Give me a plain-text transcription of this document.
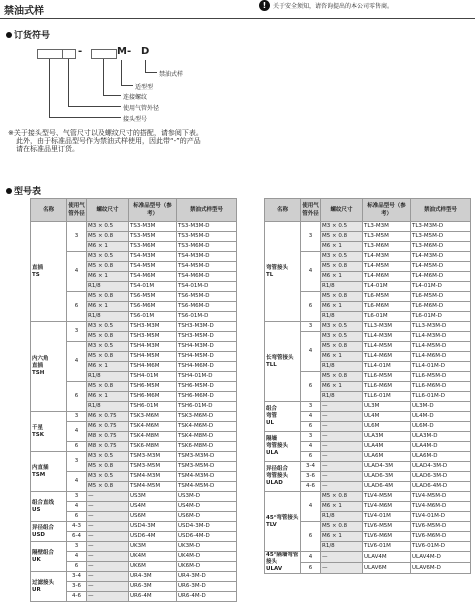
禁油式样
!	关于安全须知，请咨询提出的本公司零售商。
订货符号
-	M - D
禁油式样
适型型
连接螺纹
使用气管外径
接头型号
※关于接头型号、气管尺寸以及螺纹尺寸的搭配，请参阅下表。
此外，由于标准品型号作为禁油式样使用，因此带“-”的产品
请在标准品里订货。
型号表
名称	使用气管外径	螺纹尺寸	标准品型号（参考）	禁油式样型号
直插
TS	3	M3 × 0.5	TS3-M3M	TS3-M3M-D
		M5 × 0.8	TS3-M5M	TS3-M5M-D
		M6 × 1	TS3-M6M	TS3-M6M-D
	4	M3 × 0.5	TS4-M3M	TS4-M3M-D
		M5 × 0.8	TS4-M5M	TS4-M5M-D
		M6 × 1	TS4-M6M	TS4-M6M-D
		R1/8	TS4-01M	TS4-01M-D
	6	M5 × 0.8	TS6-M5M	TS6-M5M-D
		M6 × 1	TS6-M6M	TS6-M6M-D
		R1/8	TS6-01M	TS6-01M-D
内六角
直插
TSH	3	M3 × 0.5	TSH3-M3M	TSH3-M3M-D
		M5 × 0.8	TSH3-M5M	TSH3-M5M-D
	4	M3 × 0.5	TSH4-M3M	TSH4-M3M-D
		M5 × 0.8	TSH4-M5M	TSH4-M5M-D
		M6 × 1	TSH4-M6M	TSH4-M6M-D
		R1/8	TSH4-01M	TSH4-01M-D
	6	M5 × 0.8	TSH6-M5M	TSH6-M5M-D
		M6 × 1	TSH6-M6M	TSH6-M6M-D
		R1/8	TSH6-01M	TSH6-01M-D
千星
TSK	3	M6 × 0.75	TSK3-M6M	TSK3-M6M-D
	4	M6 × 0.75	TSK4-M6M	TSK4-M6M-D
		M8 × 0.75	TSK4-M8M	TSK4-M8M-D
	6	M8 × 0.75	TSK6-M8M	TSK6-M8M-D
内直插
TSM	3	M3 × 0.5	TSM3-M3M	TSM3-M3M-D
		M5 × 0.8	TSM3-M5M	TSM3-M5M-D
	4	M3 × 0.5	TSM4-M3M	TSM4-M3M-D
		M5 × 0.8	TSM4-M5M	TSM4-M5M-D
组合直线
US	3	—	US3M	US3M-D
	4	—	US4M	US4M-D
	6	—	US6M	US6M-D
异径组合
USD	4-3	—	USD4-3M	USD4-3M-D
	6-4	—	USD6-4M	USD6-4M-D
隔壁组合
UK	3	—	UK3M	UK3M-D
	4	—	UK4M	UK4M-D
	6	—	UK6M	UK6M-D
过滤接头
UR	3-4	—	UR4-3M	UR4-3M-D
	3-6	—	UR6-3M	UR6-3M-D
	4-6	—	UR6-4M	UR6-4M-D
名称	使用气管外径	螺纹尺寸	标准品型号（参考）	禁油式样型号
弯管接头
TL	3	M3 × 0.5	TL3-M3M	TL3-M3M-D
		M5 × 0.8	TL3-M5M	TL3-M5M-D
		M6 × 1	TL3-M6M	TL3-M6M-D
	4	M3 × 0.5	TL4-M3M	TL4-M3M-D
		M5 × 0.8	TL4-M5M	TL4-M5M-D
		M6 × 1	TL4-M6M	TL4-M6M-D
		R1/8	TL4-01M	TL4-01M-D
	6	M5 × 0.8	TL6-M5M	TL6-M5M-D
		M6 × 1	TL6-M6M	TL6-M6M-D
		R1/8	TL6-01M	TL6-01M-D
长弯管接头
TLL	3	M3 × 0.5	TLL3-M3M	TLL3-M3M-D
	4	M3 × 0.5	TLL4-M3M	TLL4-M3M-D
		M5 × 0.8	TLL4-M5M	TLL4-M5M-D
		M6 × 1	TLL4-M6M	TLL4-M6M-D
		R1/8	TLL4-01M	TLL4-01M-D
	6	M5 × 0.8	TLL6-M5M	TLL6-M5M-D
		M6 × 1	TLL6-M6M	TLL6-M6M-D
		R1/8	TLL6-01M	TLL6-01M-D
组合
弯管
UL	3	—	UL3M	UL3M-D
	4	—	UL4M	UL4M-D
	6	—	UL6M	UL6M-D
隔墙
弯管接头
ULA	3	—	ULA3M	ULA3M-D
	4	—	ULA4M	ULA4M-D
	6	—	ULA6M	ULA6M-D
异径组合
弯管接头
ULAD	3-4	—	ULAD4-3M	ULAD4-3M-D
	3-6	—	ULAD6-3M	ULAD6-3M-D
	4-6	—	ULAD6-4M	ULAD6-4M-D
45°弯管接头
TLV	4	M5 × 0.8	TLV4-M5M	TLV4-M5M-D
		M6 × 1	TLV4-M6M	TLV4-M6M-D
		R1/8	TLV4-01M	TLV4-01M-D
	6	M5 × 0.8	TLV6-M5M	TLV6-M5M-D
		M6 × 1	TLV6-M6M	TLV6-M6M-D
		R1/8	TLV6-01M	TLV6-01M-D
45°隔墙弯管接头
ULAV	4	—	ULAV4M	ULAV4M-D
	6	—	ULAV6M	ULAV6M-D
